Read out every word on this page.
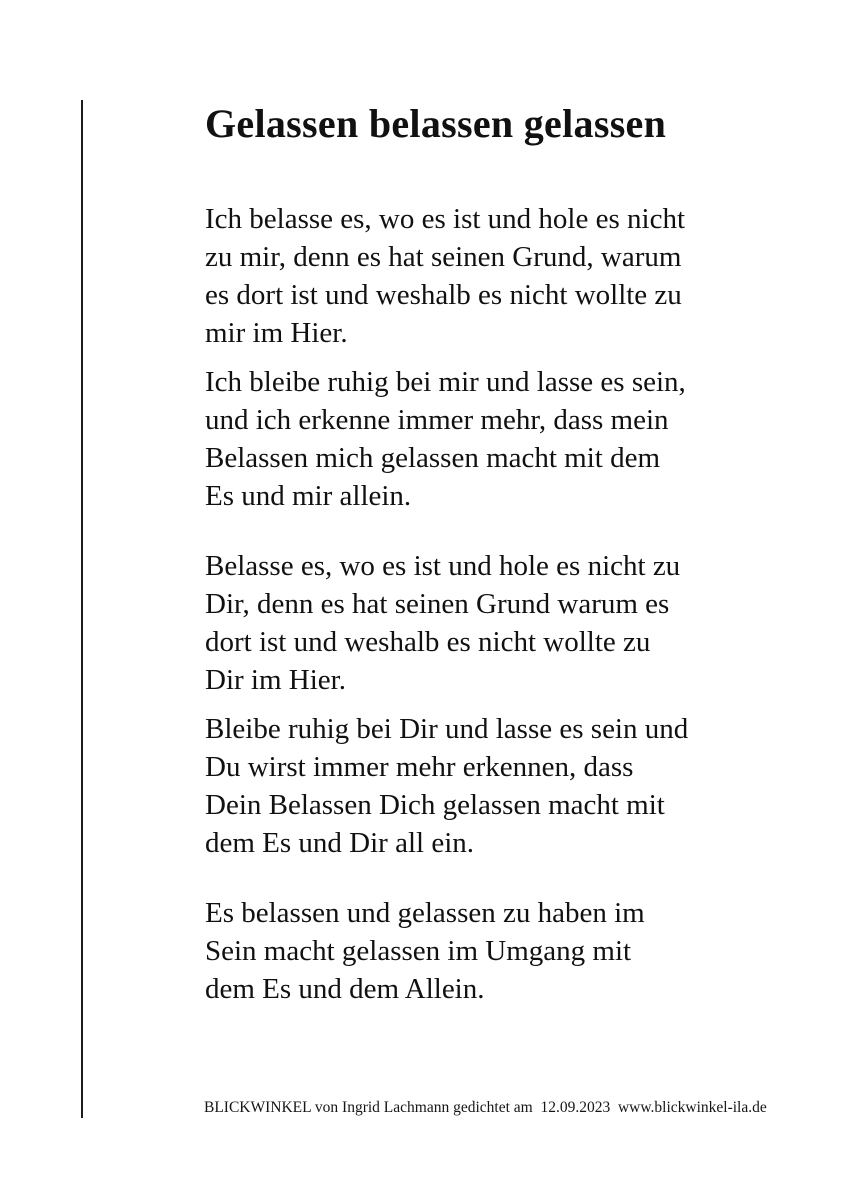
Gelassen belassen gelassen

Ich belasse es, wo es ist und hole es nicht
zu mir, denn es hat seinen Grund, warum
es dort ist und weshalb es nicht wollte zu
mir im Hier.

Ich bleibe ruhig bei mir und lasse es sein,
und ich erkenne immer mehr, dass mein
Belassen mich gelassen macht mit dem
Es und mir allein.

Belasse es, wo es ist und hole es nicht zu
Dir, denn es hat seinen Grund warum es
dort ist und weshalb es nicht wollte zu
Dir im Hier.

Bleibe ruhig bei Dir und lasse es sein und
Du wirst immer mehr erkennen, dass
Dein Belassen Dich gelassen macht mit
dem Es und Dir all ein.

Es belassen und gelassen zu haben im
Sein macht gelassen im Umgang mit
dem Es und dem Allein.

BLICKWINKEL von Ingrid Lachmann gedichtet am  12.09.2023  www.blickwinkel-ila.de
